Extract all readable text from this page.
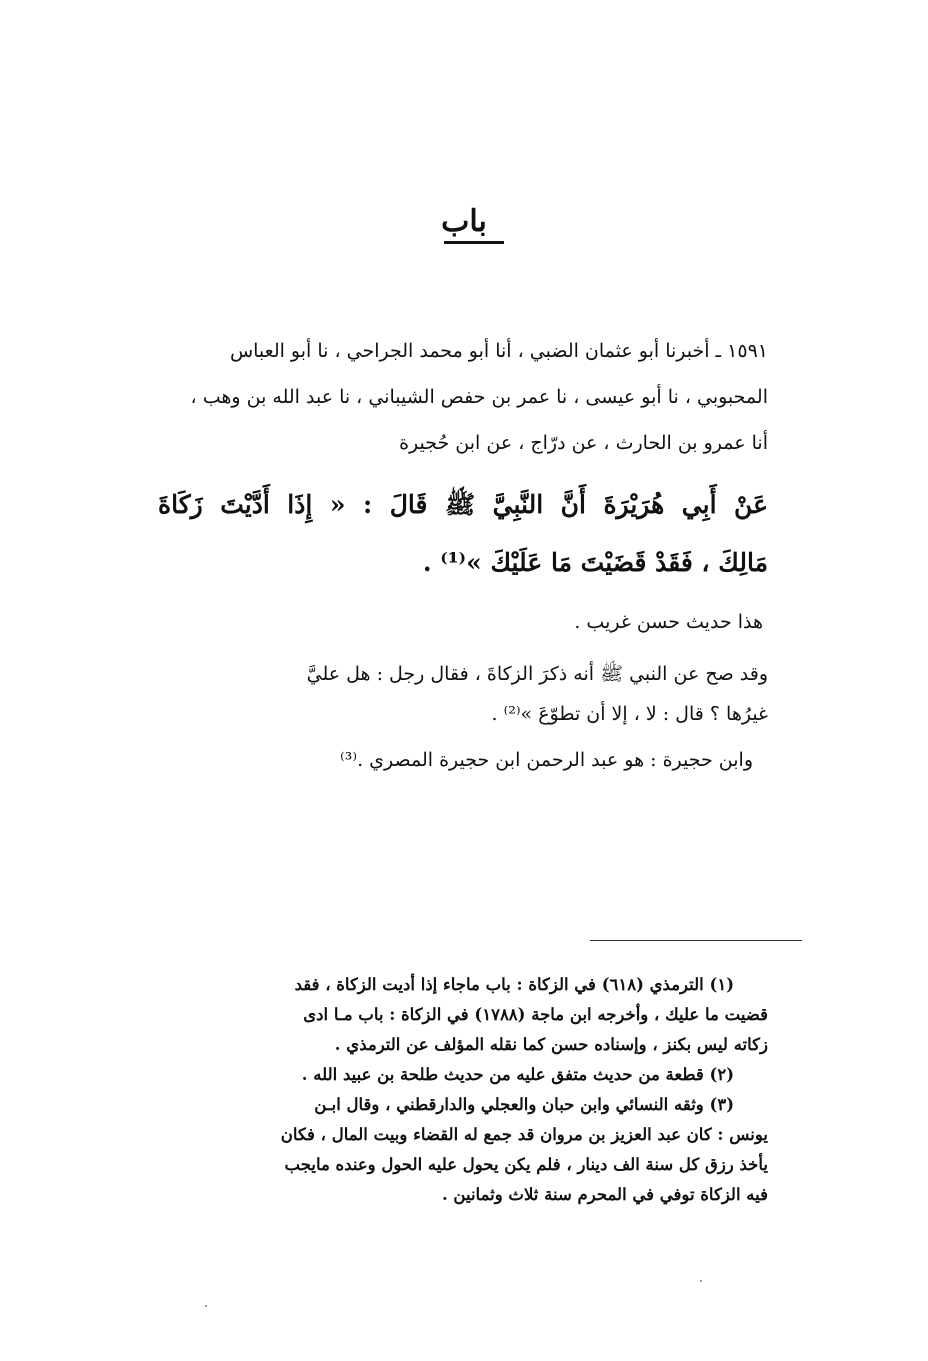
باب
١٥٩١ ـ أخبرنا أبو عثمان الضبي ، أنا أبو محمد الجراحي ، نا أبو العباس
المحبوبي ، نا أبو عيسى ، نا عمر بن حفص الشيباني ، نا عبد الله بن وهب ،
أنا عمرو بن الحارث ، عن درّاج ، عن ابن حُجيرة
عَنْ أَبِي هُرَيْرَةَ أَنَّ النَّبِيَّ ﷺ قَالَ : « إِذَا أَدَّيْتَ زَكَاةَ
مَالِكَ ، فَقَدْ قَضَيْتَ مَا عَلَيْكَ »⁽¹⁾ .
هذا حديث حسن غريب .
وقد صح عن النبي ﷺ أنه ذكرَ الزكاةَ ، فقال رجل : هل عليَّ
غيرُها ؟ قال : لا ، إلا أن تطوّعَ »⁽²⁾ .
وابن حجيرة : هو عبد الرحمن ابن حجيرة المصري .⁽³⁾
(١) الترمذي (٦١٨) في الزكاة : باب ماجاء إذا أديت الزكاة ، فقد
قضيت ما عليك ، وأخرجه ابن ماجة (١٧٨٨) في الزكاة : باب مـا ادى
زكاته ليس بكنز ، وإسناده حسن كما نقله المؤلف عن الترمذي .
(٢) قطعة من حديث متفق عليه من حديث طلحة بن عبيد الله .
(٣) وثقه النسائي وابن حبان والعجلي والدارقطني ، وقال ابـن
يونس : كان عبد العزيز بن مروان قد جمع له القضاء وبيت المال ، فكان
يأخذ رزق كل سنة الف دينار ، فلم يكن يحول عليه الحول وعنده مايجب
فيه الزكاة توفي في المحرم سنة ثلاث وثمانين .
